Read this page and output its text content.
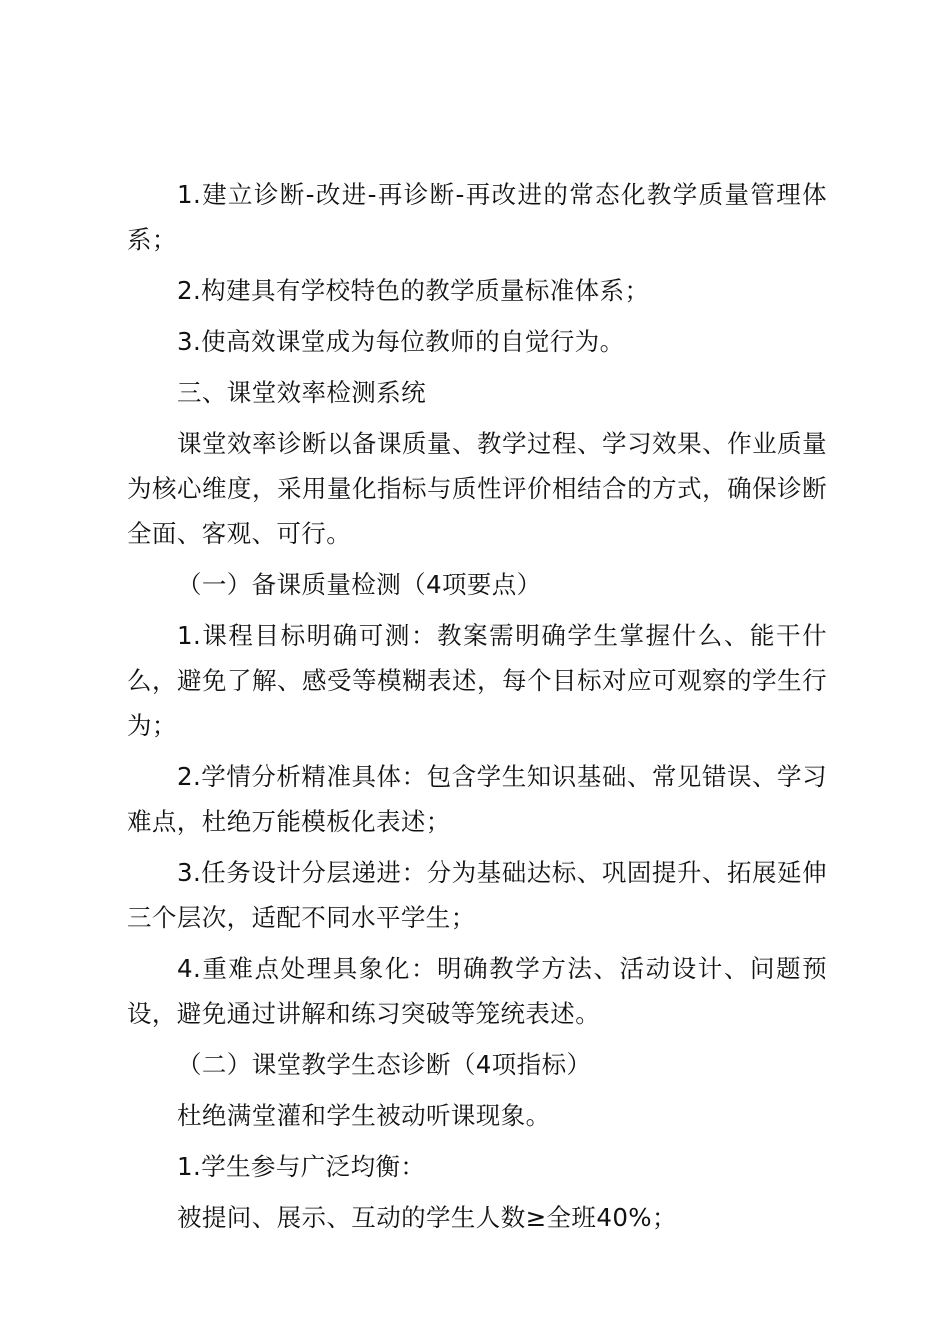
1.建立诊断-改进-再诊断-再改进的常态化教学质量管理体系；

2.构建具有学校特色的教学质量标准体系；

3.使高效课堂成为每位教师的自觉行为。

三、课堂效率检测系统

课堂效率诊断以备课质量、教学过程、学习效果、作业质量为核心维度，采用量化指标与质性评价相结合的方式，确保诊断全面、客观、可行。

（一）备课质量检测（4项要点）

1.课程目标明确可测：教案需明确学生掌握什么、能干什么，避免了解、感受等模糊表述，每个目标对应可观察的学生行为；

2.学情分析精准具体：包含学生知识基础、常见错误、学习难点，杜绝万能模板化表述；

3.任务设计分层递进：分为基础达标、巩固提升、拓展延伸三个层次，适配不同水平学生；

4.重难点处理具象化：明确教学方法、活动设计、问题预设，避免通过讲解和练习突破等笼统表述。

（二）课堂教学生态诊断（4项指标）

杜绝满堂灌和学生被动听课现象。

1.学生参与广泛均衡：

被提问、展示、互动的学生人数≥全班40%；
